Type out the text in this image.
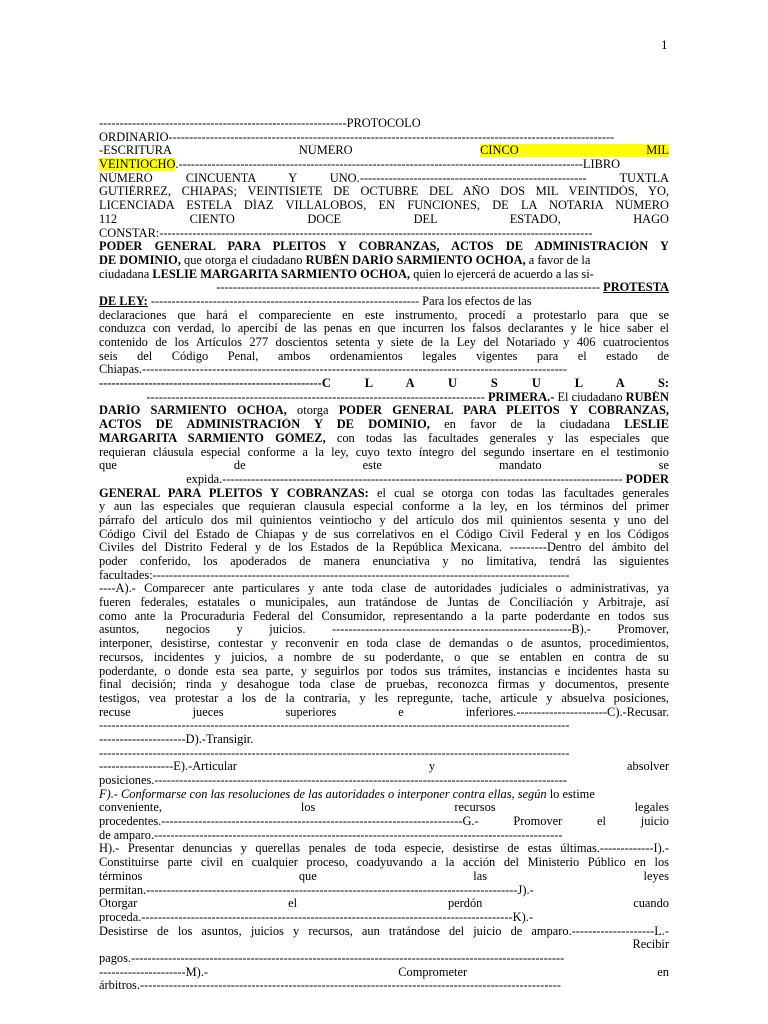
1
------------------------------------------------------------PROTOCOLO
ORDINARIO------------------------------------------------------------------------------------------------------------
-ESCRITURA NÚMERO CINCO MIL
VEINTIOCHO.--------------------------------------------------------------------------------------------------LIBRO
NÚMERO CINCUENTA Y UNO.------------------------------------------------------- TUXTLA
GUTIÉRREZ, CHIAPAS; VEINTISIETE DE OCTUBRE DEL AÑO DOS MIL VEINTIDÓS, YO,
LICENCIADA ESTELA DÍAZ VILLALOBOS, EN FUNCIONES, DE LA NOTARIA NÚMERO
112 CIENTO DOCE DEL ESTADO, HAGO
CONSTAR:---------------------------------------------------------------------------------------------------------
PODER GENERAL PARA PLEITOS Y COBRANZAS, ACTOS DE ADMINISTRACIÓN Y
DE DOMINIO, que otorga el ciudadano RUBÉN DARÍO SARMIENTO OCHOA, a favor de la
ciudadana LESLIE MARGARITA SARMIENTO OCHOA, quien lo ejercerá de acuerdo a las si-
--------------------------------------------------------------------------------------------- PROTESTA
DE LEY: ----------------------------------------------------------------- Para los efectos de las
declaraciones que hará el compareciente en este instrumento, procedí a protestarlo para que se
conduzca con verdad, lo apercibí de las penas en que incurren los falsos declarantes y le hice saber el
contenido de los Artículos 277 doscientos setenta y siete de la Ley del Notariado y 406 cuatrocientos
seis del Código Penal, ambos ordenamientos legales vigentes para el estado de
Chiapas.-------------------------------------------------------------------------------------------------------
------------------------------------------------------C L A U S U L A S:
---------------------------------------------------------------------------------- PRIMERA.- El ciudadano RUBÉN
DARÍO SARMIENTO OCHOA, otorga PODER GENERAL PARA PLEITOS Y COBRANZAS,
ACTOS DE ADMINISTRACIÓN Y DE DOMINIO, en favor de la ciudadana LESLIE
MARGARITA SARMIENTO GÓMEZ, con todas las facultades generales y las especiales que
requieran cláusula especial conforme a la ley, cuyo texto íntegro del segundo insertare en el testimonio
que de este mandato se
expida.------------------------------------------------------------------------------------------------- PODER
GENERAL PARA PLEITOS Y COBRANZAS: el cual se otorga con todas las facultades generales
y aun las especiales que requieran clausula especial conforme a la ley, en los términos del primer
párrafo del artículo dos mil quinientos veintiocho y del artículo dos mil quinientos sesenta y uno del
Código Civil del Estado de Chiapas y de sus correlativos en el Código Civil Federal y en los Códigos
Civiles del Distrito Federal y de los Estados de la República Mexicana. ---------Dentro del ámbito del
poder conferido, los apoderados de manera enunciativa y no limitativa, tendrá las siguientes
facultades:-----------------------------------------------------------------------------------------------------
----A).- Comparecer ante particulares y ante toda clase de autoridades judiciales o administrativas, ya
fueren federales, estatales o municipales, aun tratándose de Juntas de Conciliación y Arbitraje, así
como ante la Procuraduria Federal del Consumidor, representando a la parte poderdante en todos sus
asuntos, negocios y juicios. ----------------------------------------------------------B).- Promover,
interponer, desistirse, contestar y reconvenir en toda clase de demandas o de asuntos, procedimientos,
recursos, incidentes y juicios, a nombre de su poderdante, o que se entablen en contra de su
poderdante, o donde esta sea parte, y seguirlos por todos sus trámites, instancias e incidentes hasta su
final decisión; rinda y desahogue toda clase de pruebas, reconozca firmas y documentos, presente
testigos, vea protestar a los de la contraria, y les repregunte, tache, articule y absuelva posiciones,
recuse jueces superiores e inferiores.----------------------C).-Recusar.
------------------------------------------------------------------------------------------------------------------
---------------------D).-Transigir.
------------------------------------------------------------------------------------------------------------------
------------------E).-Articular y absolver
posiciones.----------------------------------------------------------------------------------------------------
F).- Conformarse con las resoluciones de las autoridades o interponer contra ellas, según lo estime
conveniente, los recursos legales
procedentes.-------------------------------------------------------------------------G.- Promover el juicio
de amparo.---------------------------------------------------------------------------------------------------
H).- Presentar denuncias y querellas penales de toda especie, desistirse de estas últimas.-------------I).-
Constituirse parte civil en cualquier proceso, coadyuvando a la acción del Ministerio Público en los
términos que las leyes
permitan.------------------------------------------------------------------------------------------J).-
Otorgar el perdón cuando
proceda.------------------------------------------------------------------------------------------K).-
Desistirse de los asuntos, juicios y recursos, aun tratándose del juicio de amparo.--------------------L.-
Recibir
pagos.---------------------------------------------------------------------------------------------------------
---------------------M).- Comprometer en
árbitros.------------------------------------------------------------------------------------------------------
